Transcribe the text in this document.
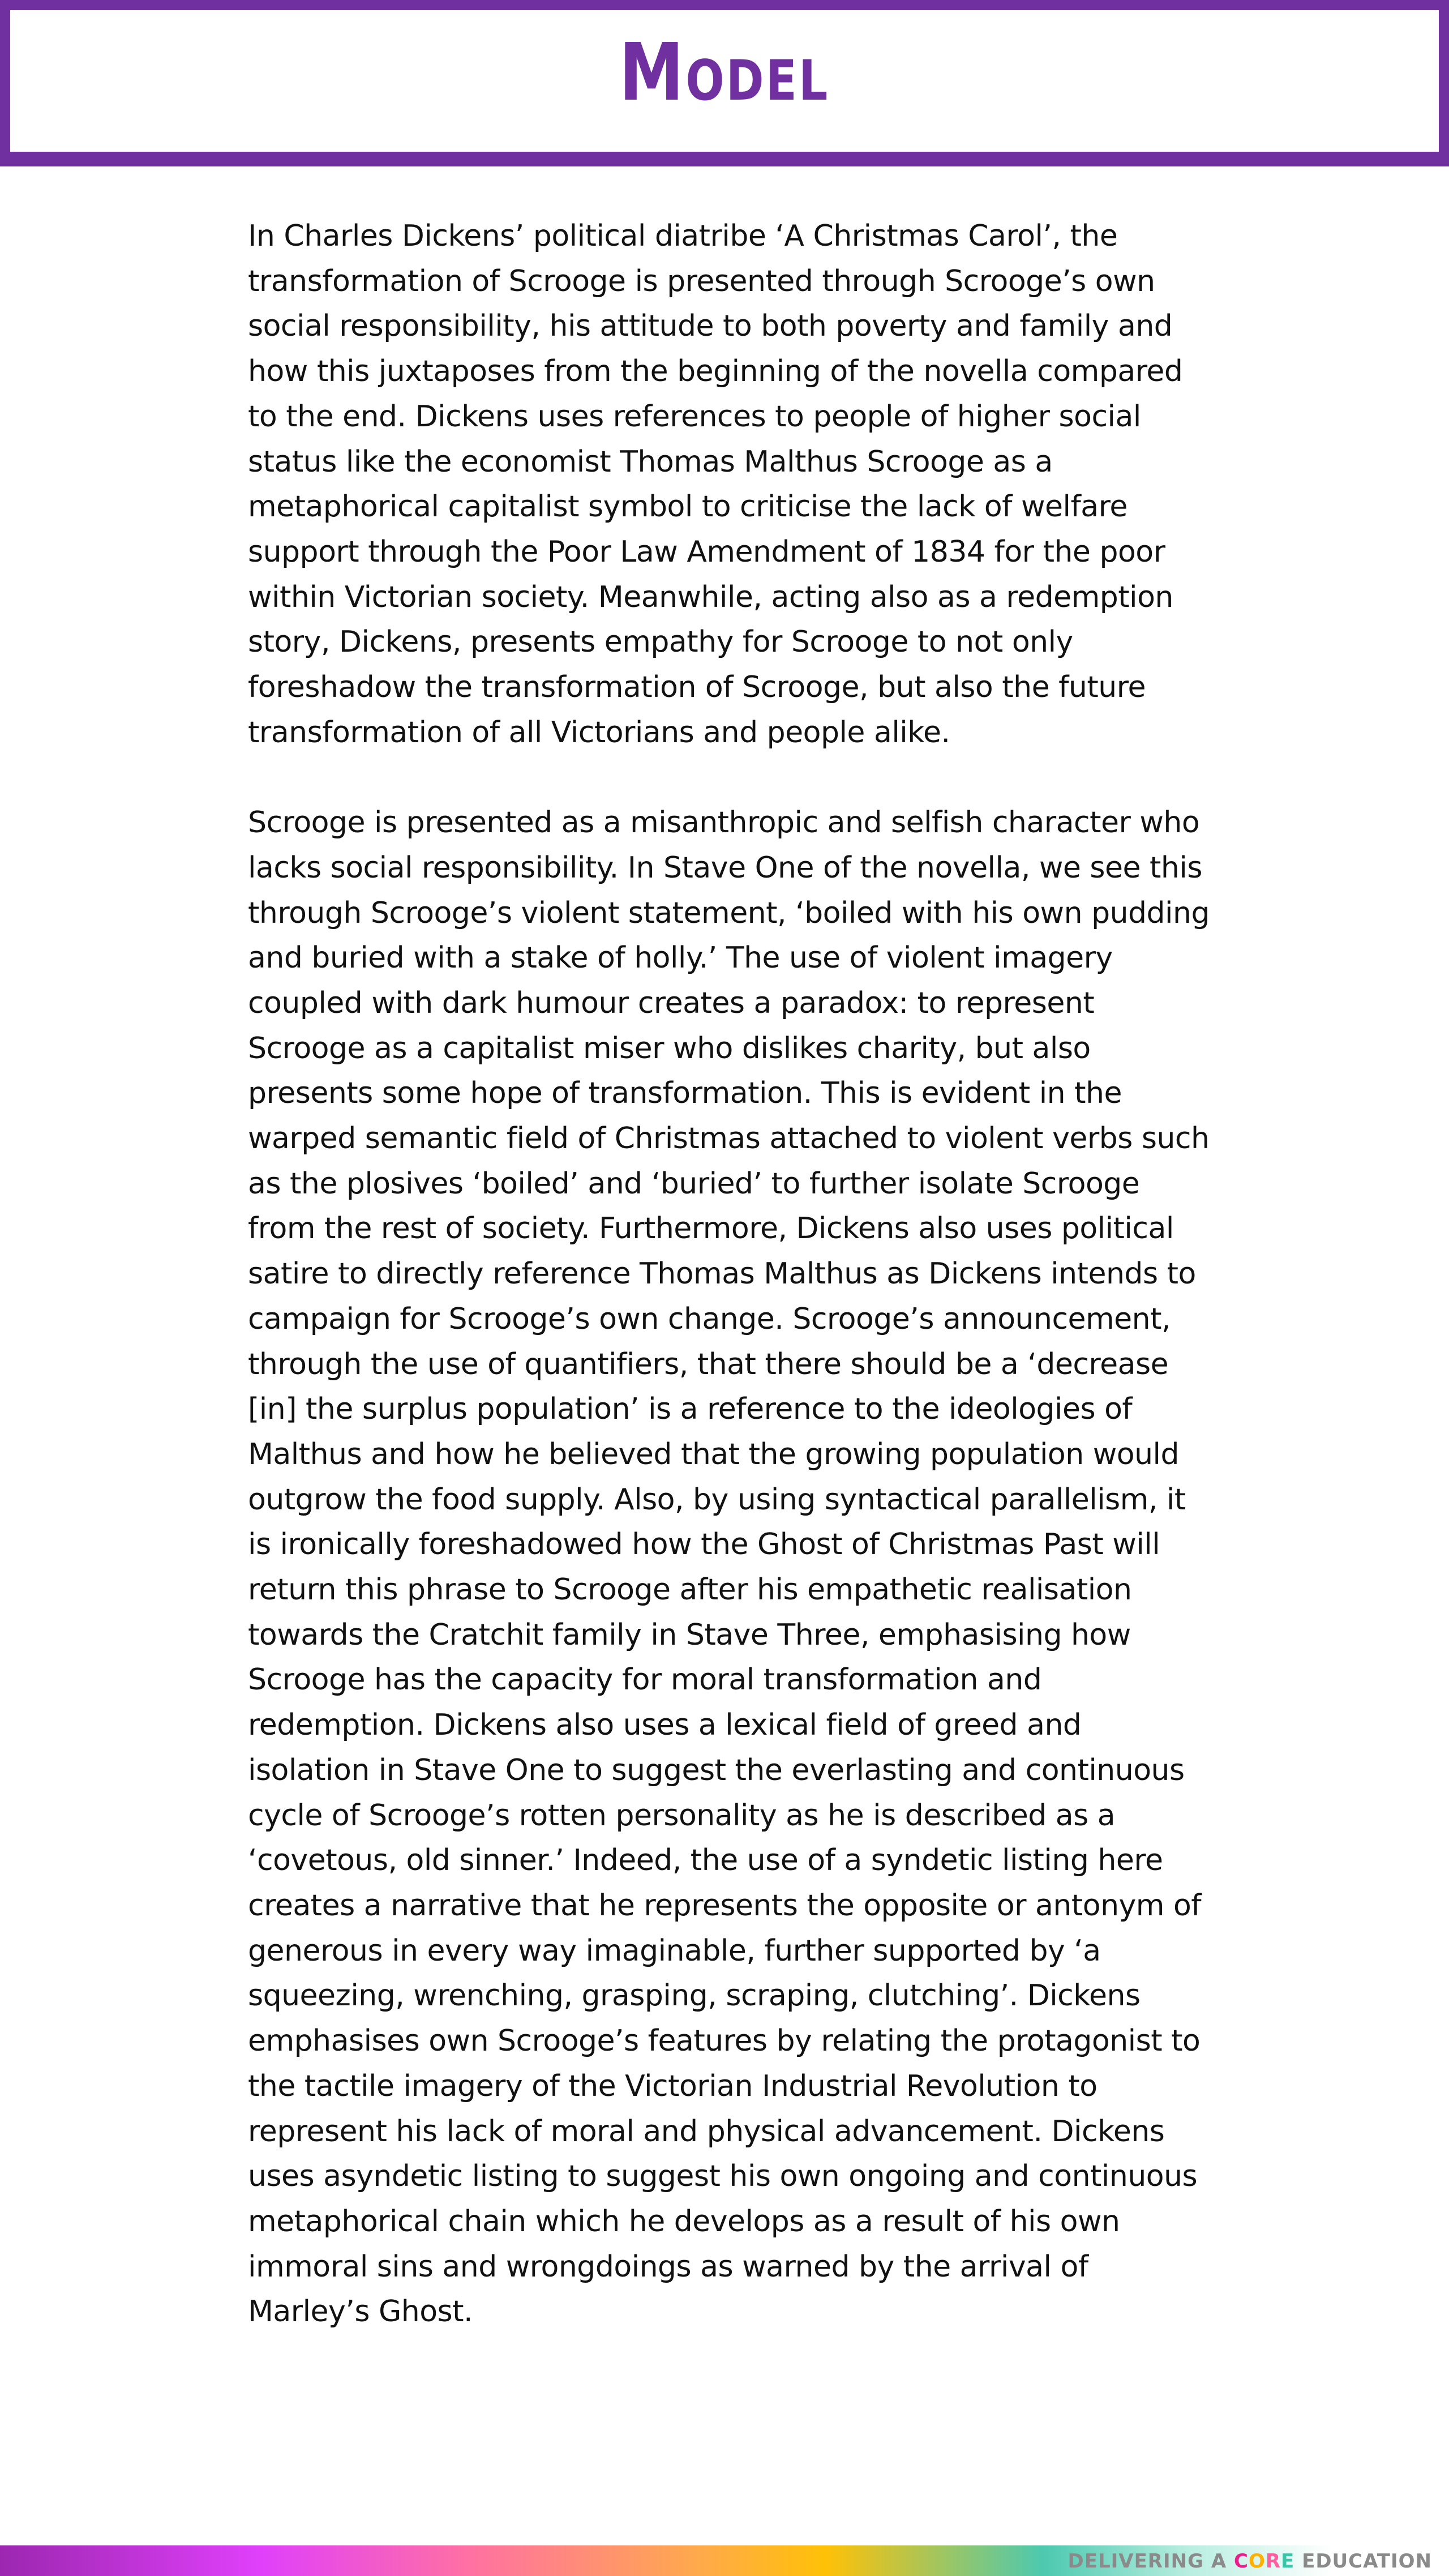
Model

In Charles Dickens’ political diatribe ‘A Christmas Carol’, the transformation of Scrooge is presented through Scrooge’s own social responsibility, his attitude to both poverty and family and how this juxtaposes from the beginning of the novella compared to the end. Dickens uses references to people of higher social status like the economist Thomas Malthus Scrooge as a metaphorical capitalist symbol to criticise the lack of welfare support through the Poor Law Amendment of 1834 for the poor within Victorian society. Meanwhile, acting also as a redemption story, Dickens, presents empathy for Scrooge to not only foreshadow the transformation of Scrooge, but also the future transformation of all Victorians and people alike.

Scrooge is presented as a misanthropic and selfish character who lacks social responsibility. In Stave One of the novella, we see this through Scrooge’s violent statement, ‘boiled with his own pudding and buried with a stake of holly.’ The use of violent imagery coupled with dark humour creates a paradox: to represent Scrooge as a capitalist miser who dislikes charity, but also presents some hope of transformation. This is evident in the warped semantic field of Christmas attached to violent verbs such as the plosives ‘boiled’ and ‘buried’ to further isolate Scrooge from the rest of society. Furthermore, Dickens also uses political satire to directly reference Thomas Malthus as Dickens intends to campaign for Scrooge’s own change. Scrooge’s announcement, through the use of quantifiers, that there should be a ‘decrease [in] the surplus population’ is a reference to the ideologies of Malthus and how he believed that the growing population would outgrow the food supply. Also, by using syntactical parallelism, it is ironically foreshadowed how the Ghost of Christmas Past will return this phrase to Scrooge after his empathetic realisation towards the Cratchit family in Stave Three, emphasising how Scrooge has the capacity for moral transformation and redemption. Dickens also uses a lexical field of greed and isolation in Stave One to suggest the everlasting and continuous cycle of Scrooge’s rotten personality as he is described as a ‘covetous, old sinner.’ Indeed, the use of a syndetic listing here creates a narrative that he represents the opposite or antonym of generous in every way imaginable, further supported by ‘a squeezing, wrenching, grasping, scraping, clutching’. Dickens emphasises own Scrooge’s features by relating the protagonist to the tactile imagery of the Victorian Industrial Revolution to represent his lack of moral and physical advancement. Dickens uses asyndetic listing to suggest his own ongoing and continuous metaphorical chain which he develops as a result of his own immoral sins and wrongdoings as warned by the arrival of Marley’s Ghost.

DELIVERING A CORE EDUCATION
